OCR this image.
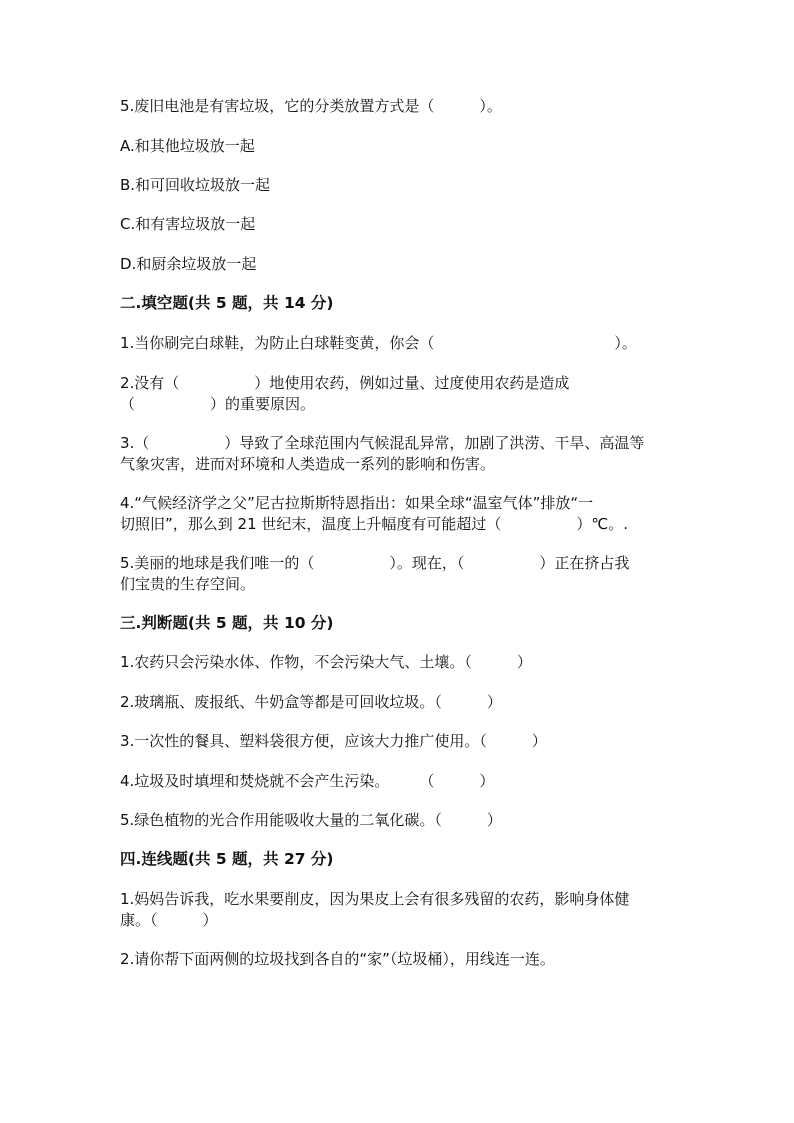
5.废旧电池是有害垃圾，它的分类放置方式是（　　　）。
A.和其他垃圾放一起
B.和可回收垃圾放一起
C.和有害垃圾放一起
D.和厨余垃圾放一起
二.填空题(共 5 题，共 14 分)
1.当你刷完白球鞋，为防止白球鞋变黄，你会（　　　　　　　　　　　　）。
2.没有（　　　　　）地使用农药，例如过量、过度使用农药是造成
（　　　　　）的重要原因。
3.（　　　　　）导致了全球范围内气候混乱异常，加剧了洪涝、干旱、高温等
气象灾害，进而对环境和人类造成一系列的影响和伤害。
4.“气候经济学之父”尼古拉斯斯特恩指出：如果全球“温室气体”排放“一
切照旧”，那么到 21 世纪末，温度上升幅度有可能超过（　　　　　）℃。.
5.美丽的地球是我们唯一的（　　　　　）。现在，（　　　　　）正在挤占我
们宝贵的生存空间。
三.判断题(共 5 题，共 10 分)
1.农药只会污染水体、作物，不会污染大气、土壤。（　　　）
2.玻璃瓶、废报纸、牛奶盒等都是可回收垃圾。（　　　）
3.一次性的餐具、塑料袋很方便，应该大力推广使用。（　　　）
4.垃圾及时填埋和焚烧就不会产生污染。　　　（　　　）
5.绿色植物的光合作用能吸收大量的二氧化碳。（　　　）
四.连线题(共 5 题，共 27 分)
1.妈妈告诉我，吃水果要削皮，因为果皮上会有很多残留的农药，影响身体健
康。（　　　）
2.请你帮下面两侧的垃圾找到各自的“家”（垃圾桶），用线连一连。
